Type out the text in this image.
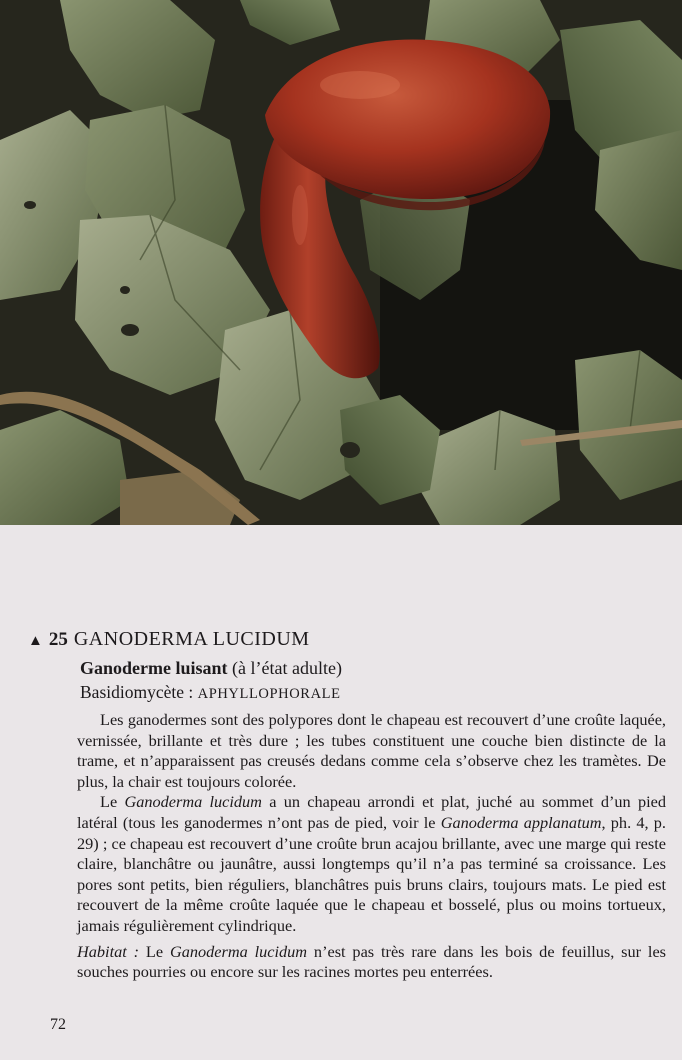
▲ 25 GANODERMA LUCIDUM
Ganoderme luisant (à l’état adulte)
Basidiomycète : APHYLLOPHORALE

Les ganodermes sont des polypores dont le chapeau est recouvert d’une croûte laquée, vernissée, brillante et très dure ; les tubes constituent une couche bien distincte de la trame, et n’apparaissent pas creusés dedans comme cela s’observe chez les tramètes. De plus, la chair est toujours colorée.

Le Ganoderma lucidum a un chapeau arrondi et plat, juché au sommet d’un pied latéral (tous les ganodermes n’ont pas de pied, voir le Ganoderma applanatum, ph. 4, p. 29) ; ce chapeau est recouvert d’une croûte brun acajou brillante, avec une marge qui reste claire, blanchâtre ou jaunâtre, aussi longtemps qu’il n’a pas terminé sa croissance. Les pores sont petits, bien réguliers, blanchâtres puis bruns clairs, toujours mats. Le pied est recouvert de la même croûte laquée que le chapeau et bosselé, plus ou moins tortueux, jamais régulièrement cylindrique.

Habitat : Le Ganoderma lucidum n’est pas très rare dans les bois de feuillus, sur les souches pourries ou encore sur les racines mortes peu enterrées.

72
